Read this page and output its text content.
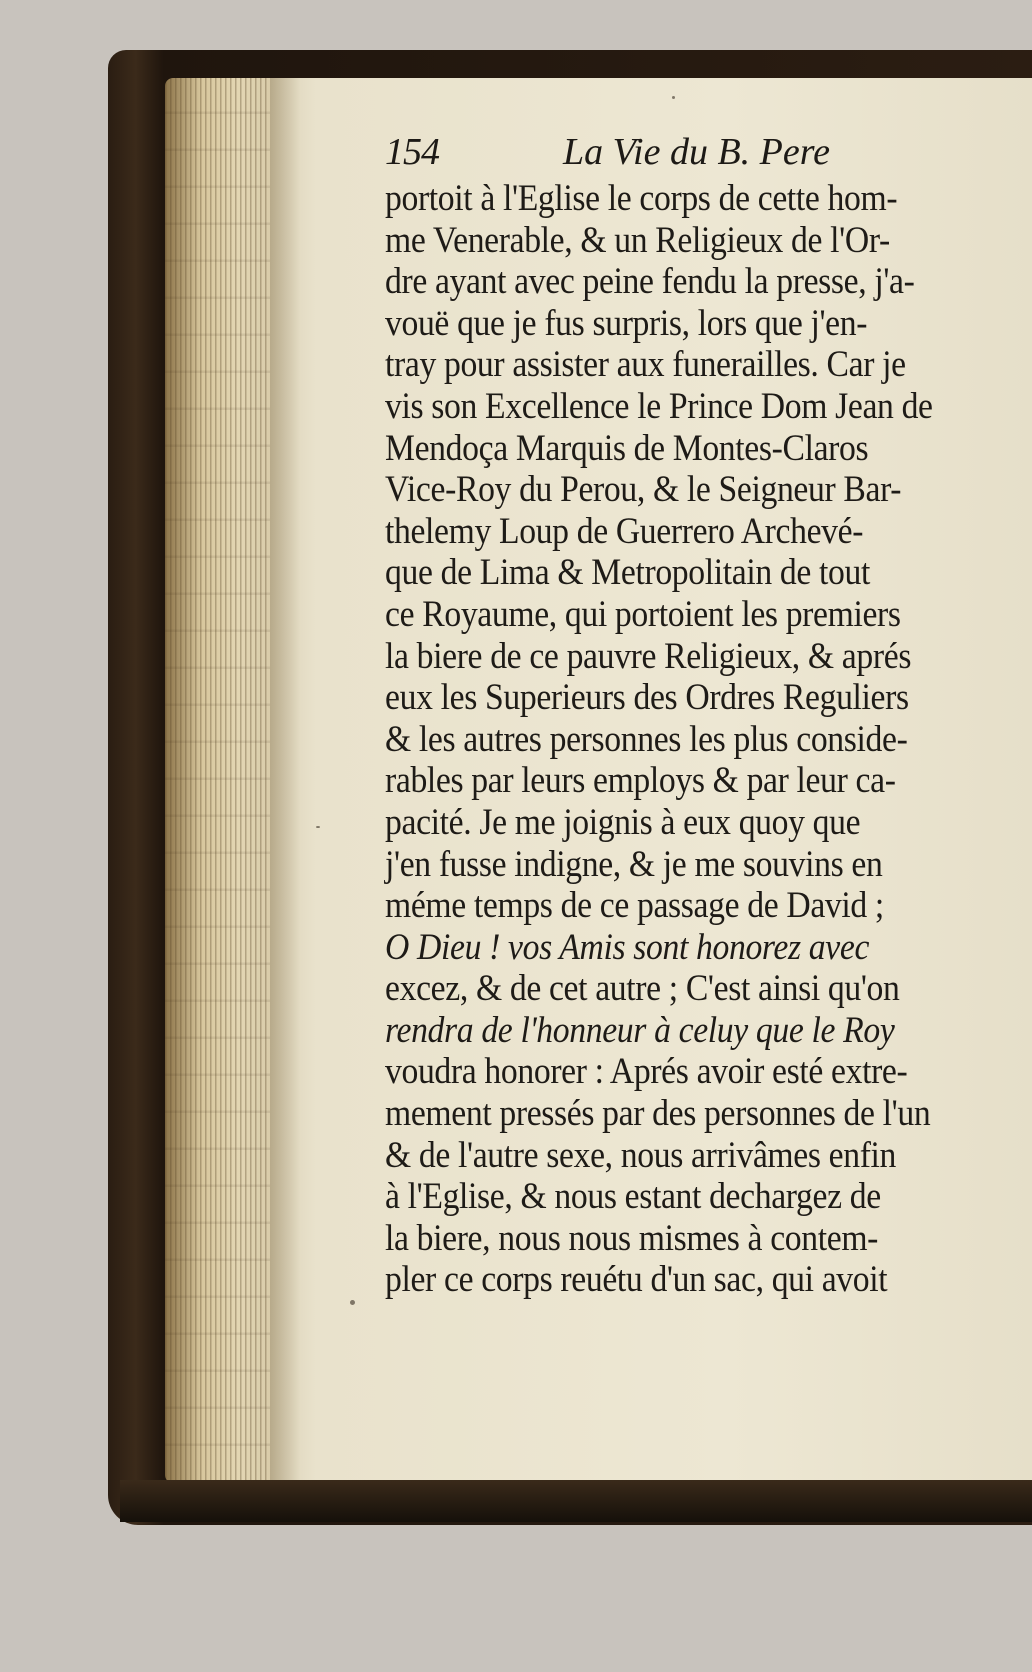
154	La Vie du B. Pere
portoit à l'Eglise le corps de cette hom-
me Venerable, & un Religieux de l'Or-
dre ayant avec peine fendu la presse, j'a-
vouë que je fus surpris, lors que j'en-
tray pour assister aux funerailles. Car je
vis son Excellence le Prince Dom Jean de
Mendoça Marquis de Montes-Claros
Vice-Roy du Perou, & le Seigneur Bar-
thelemy Loup de Guerrero Archevé-
que de Lima & Metropolitain de tout
ce Royaume, qui portoient les premiers
la biere de ce pauvre Religieux, & aprés
eux les Superieurs des Ordres Reguliers
& les autres personnes les plus conside-
rables par leurs employs & par leur ca-
pacité. Je me joignis à eux quoy que
j'en fusse indigne, & je me souvins en
méme temps de ce passage de David ;
O Dieu ! vos Amis sont honorez avec
excez, & de cet autre ; C'est ainsi qu'on
rendra de l'honneur à celuy que le Roy
voudra honorer : Aprés avoir esté extre-
mement pressés par des personnes de l'un
& de l'autre sexe, nous arrivâmes enfin
à l'Eglise, & nous estant dechargez de
la biere, nous nous mismes à contem-
pler ce corps reuétu d'un sac, qui avoit
